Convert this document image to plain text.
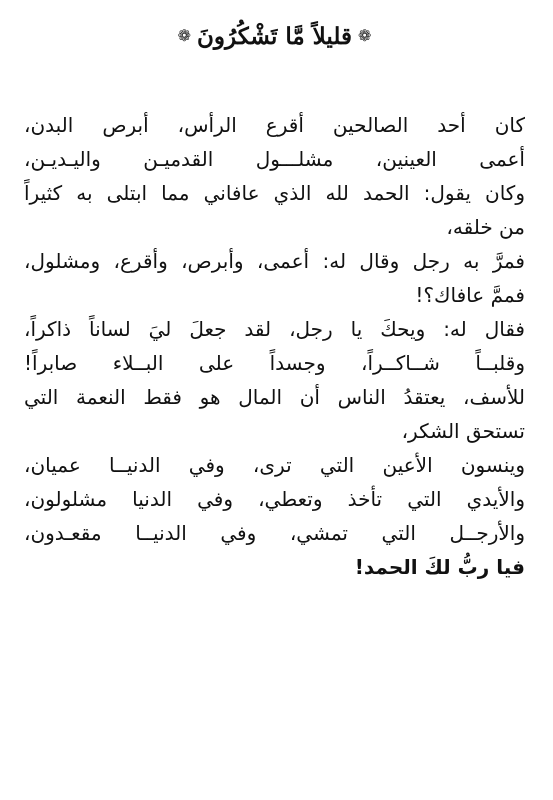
❁
قليلاً مَّا تَشْكُرُونَ
❁
كان أحد الصالحين أقرع الرأس، أبرص البدن،
أعمى العينين، مشلـــول القدميـن واليـديـن،
وكان يقول: الحمد لله الذي عافاني مما ابتلى به كثيراً
من خلقه،
فمرَّ به رجل وقال له: أعمى، وأبرص، وأقرع، ومشلول،
فممَّ عافاك؟!
فقال له: ويحكَ يا رجل، لقد جعلَ ليَ لساناً ذاكراً،
وقلبــاً شــاكــراً، وجسداً على البــلاء صابراً!
للأسف، يعتقدُ الناس أن المال هو فقط النعمة التي
تستحق الشكر،
وينسون الأعين التي ترى، وفي الدنيــا عميان،
والأيدي التي تأخذ وتعطي، وفي الدنيا مشلولون،
والأرجــل التي تمشي، وفي الدنيــا مقعـدون،
فيا ربُّ لكَ الحمد!
